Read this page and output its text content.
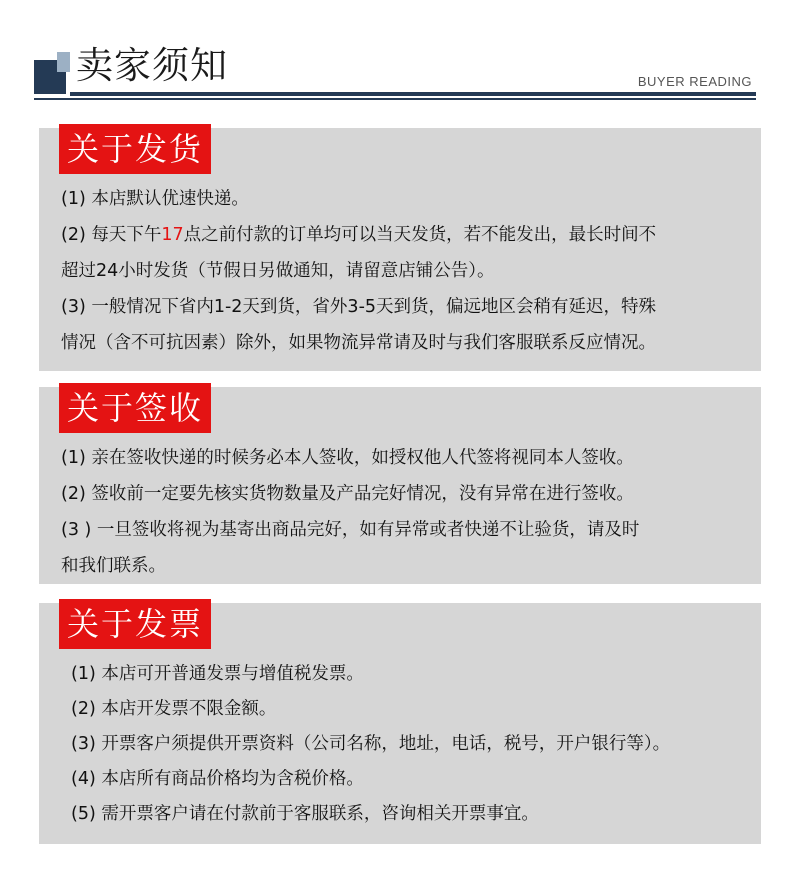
卖家须知	BUYER READING
关于发货
(1) 本店默认优速快递。
(2) 每天下午17点之前付款的订单均可以当天发货，若不能发出，最长时间不
超过24小时发货（节假日另做通知，请留意店铺公告）。
(3) 一般情况下省内1-2天到货，省外3-5天到货，偏远地区会稍有延迟，特殊
情况（含不可抗因素）除外，如果物流异常请及时与我们客服联系反应情况。
关于签收
(1) 亲在签收快递的时候务必本人签收，如授权他人代签将视同本人签收。
(2) 签收前一定要先核实货物数量及产品完好情况，没有异常在进行签收。
(3 ) 一旦签收将视为基寄出商品完好，如有异常或者快递不让验货，请及时
和我们联系。
关于发票
(1) 本店可开普通发票与增值税发票。
(2) 本店开发票不限金额。
(3) 开票客户须提供开票资料（公司名称，地址，电话，税号，开户银行等）。
(4) 本店所有商品价格均为含税价格。
(5) 需开票客户请在付款前于客服联系，咨询相关开票事宜。
